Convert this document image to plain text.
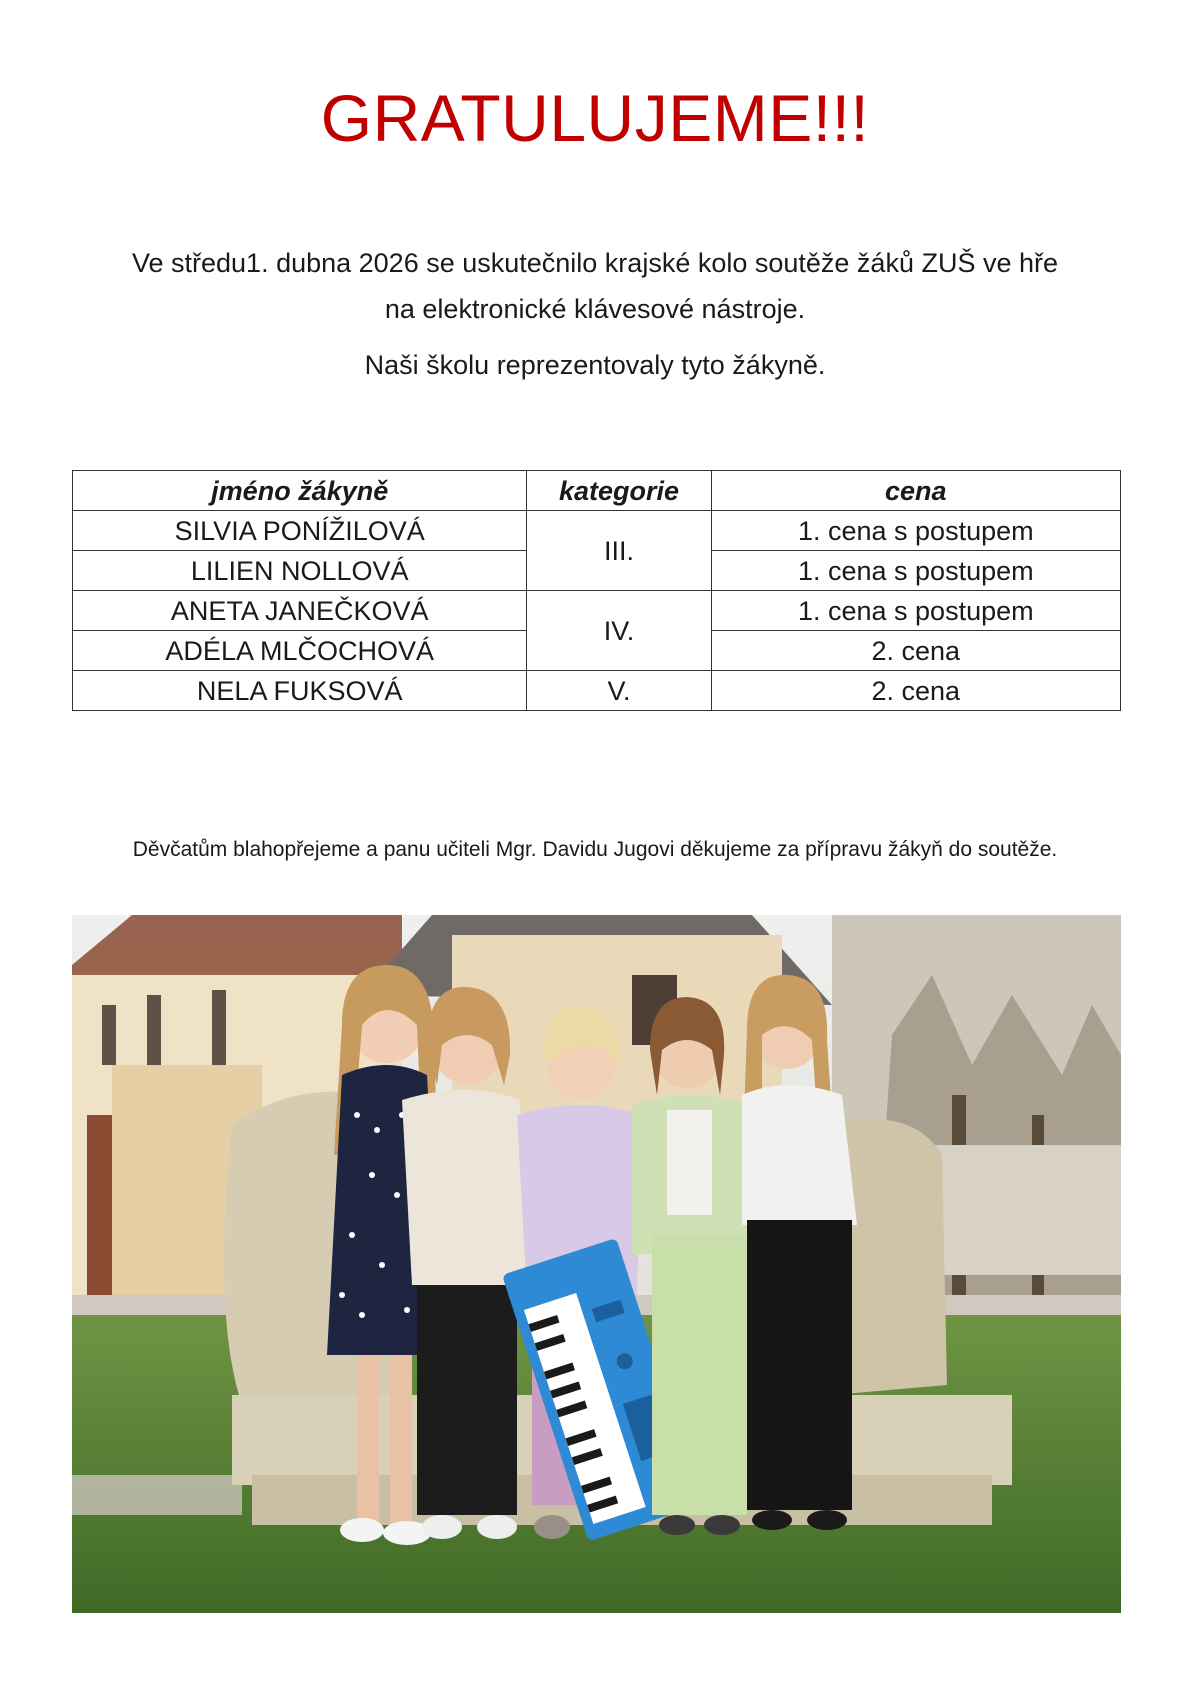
GRATULUJEME!!!
Ve středu1. dubna 2026 se uskutečnilo krajské kolo soutěže žáků ZUŠ ve hře
na elektronické klávesové nástroje.
Naši školu reprezentovaly tyto žákyně.
jméno žákyně	kategorie	cena
SILVIA PONÍŽILOVÁ	III.	1. cena s postupem
LILIEN NOLLOVÁ		1. cena s postupem
ANETA JANEČKOVÁ	IV.	1. cena s postupem
ADÉLA MLČOCHOVÁ		2. cena
NELA FUKSOVÁ	V.	2. cena
Děvčatům blahopřejeme a panu učiteli Mgr. Davidu Jugovi děkujeme za přípravu žákyň do soutěže.
